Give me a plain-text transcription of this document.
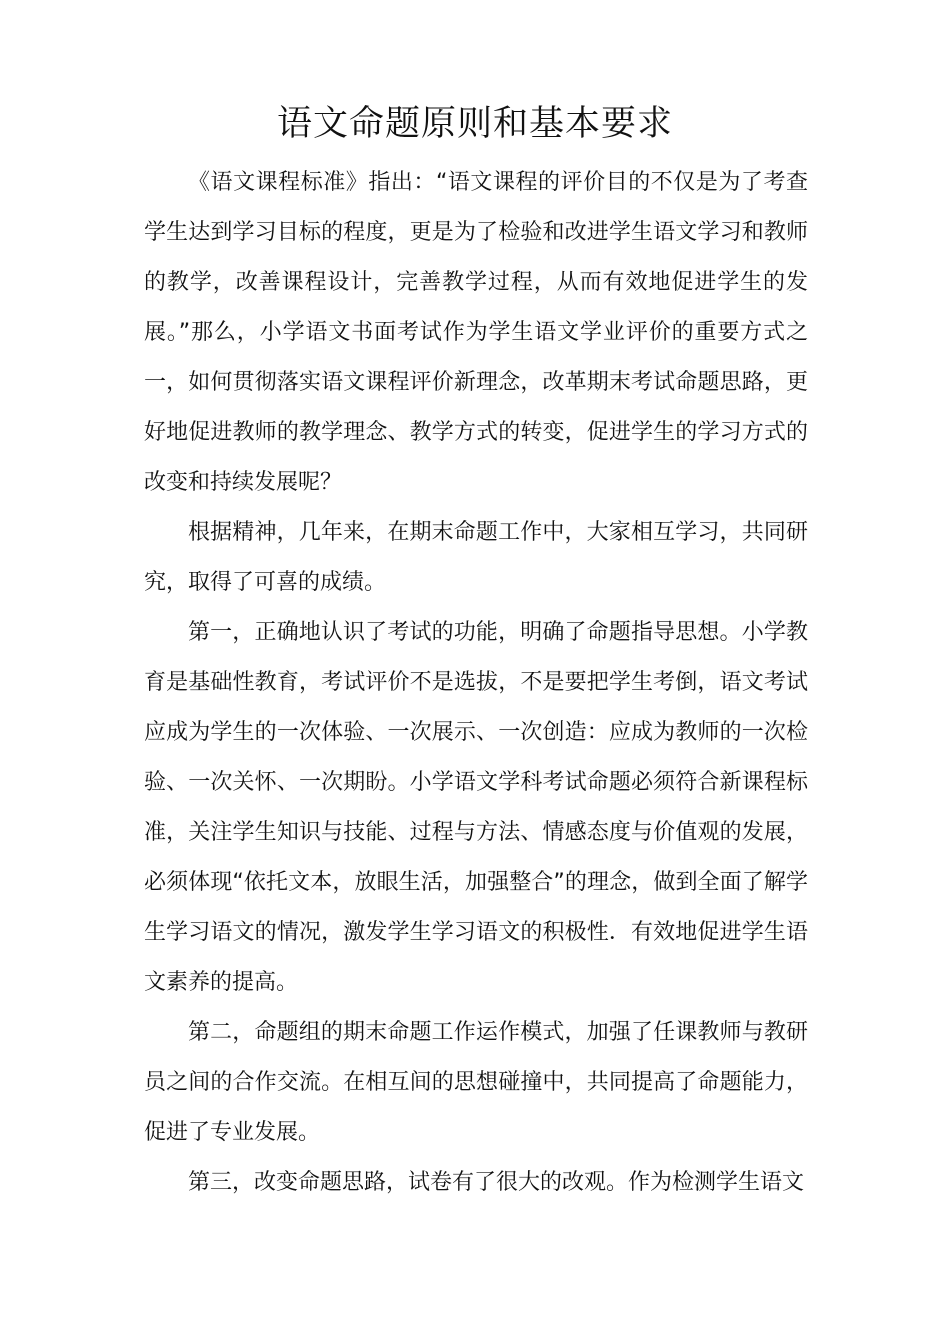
语文命题原则和基本要求

《语文课程标准》指出：“语文课程的评价目的不仅是为了考查学生达到学习目标的程度，更是为了检验和改进学生语文学习和教师的教学，改善课程设计，完善教学过程，从而有效地促进学生的发展。”那么，小学语文书面考试作为学生语文学业评价的重要方式之一，如何贯彻落实语文课程评价新理念，改革期末考试命题思路，更好地促进教师的教学理念、教学方式的转变，促进学生的学习方式的改变和持续发展呢？

根据精神，几年来，在期末命题工作中，大家相互学习，共同研究，取得了可喜的成绩。

第一，正确地认识了考试的功能，明确了命题指导思想。小学教育是基础性教育，考试评价不是选拔，不是要把学生考倒，语文考试应成为学生的一次体验、一次展示、一次创造：应成为教师的一次检验、一次关怀、一次期盼。小学语文学科考试命题必须符合新课程标准，关注学生知识与技能、过程与方法、情感态度与价值观的发展，必须体现“依托文本，放眼生活，加强整合”的理念，做到全面了解学生学习语文的情况，激发学生学习语文的积极性．有效地促进学生语文素养的提高。

第二，命题组的期末命题工作运作模式，加强了任课教师与教研员之间的合作交流。在相互间的思想碰撞中，共同提高了命题能力，促进了专业发展。

第三，改变命题思路，试卷有了很大的改观。作为检测学生语文
